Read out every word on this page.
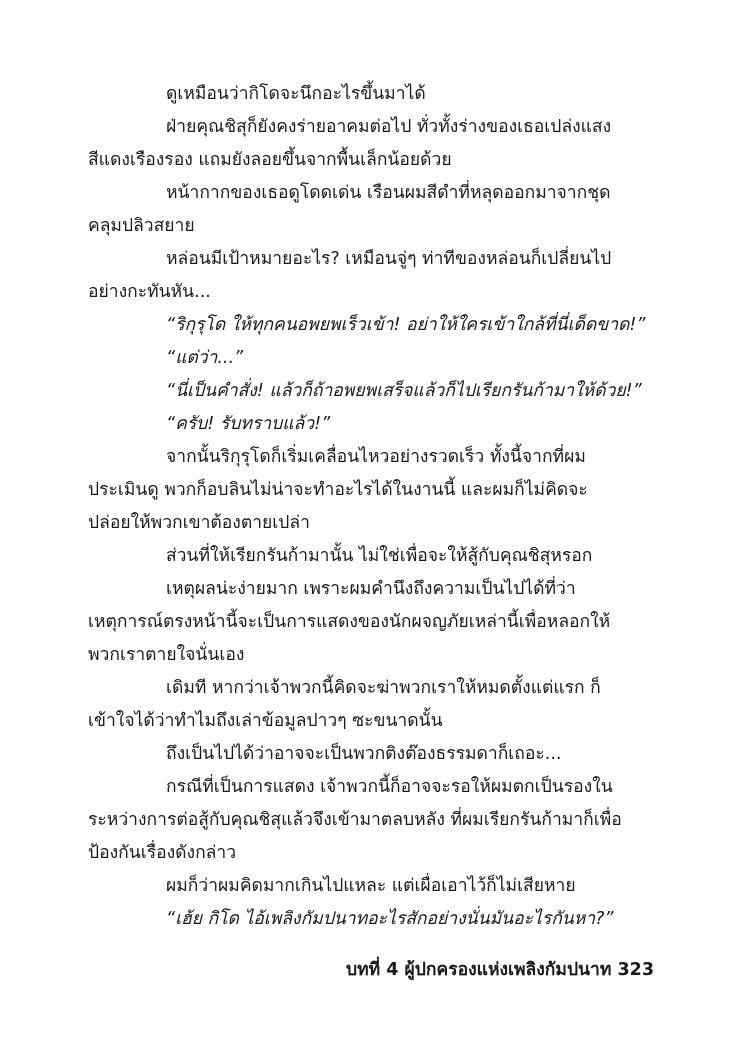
ดูเหมือนว่ากิโดจะนึกอะไรขึ้นมาได้
ฝ่ายคุณชิสุก็ยังคงร่ายอาคมต่อไป ทั่วทั้งร่างของเธอเปล่งแสง
สีแดงเรืองรอง แถมยังลอยขึ้นจากพื้นเล็กน้อยด้วย
หน้ากากของเธอดูโดดเด่น เรือนผมสีดำที่หลุดออกมาจากชุด
คลุมปลิวสยาย
หล่อนมีเป้าหมายอะไร? เหมือนจู่ๆ ท่าทีของหล่อนก็เปลี่ยนไป
อย่างกะทันหัน...
“ริกุรุโด ให้ทุกคนอพยพเร็วเข้า! อย่าให้ใครเข้าใกล้ที่นี่เด็ดขาด!”
“แต่ว่า...”
“นี่เป็นคำสั่ง! แล้วก็ถ้าอพยพเสร็จแล้วก็ไปเรียกรันก้ามาให้ด้วย!”
“ครับ! รับทราบแล้ว!”
จากนั้นริกุรุโดก็เริ่มเคลื่อนไหวอย่างรวดเร็ว ทั้งนี้จากที่ผม
ประเมินดู พวกก็อบลินไม่น่าจะทำอะไรได้ในงานนี้ และผมก็ไม่คิดจะ
ปล่อยให้พวกเขาต้องตายเปล่า
ส่วนที่ให้เรียกรันก้ามานั้น ไม่ใช่เพื่อจะให้สู้กับคุณชิสุหรอก
เหตุผลน่ะง่ายมาก เพราะผมคำนึงถึงความเป็นไปได้ที่ว่า
เหตุการณ์ตรงหน้านี้จะเป็นการแสดงของนักผจญภัยเหล่านี้เพื่อหลอกให้
พวกเราตายใจนั่นเอง
เดิมที หากว่าเจ้าพวกนี้คิดจะฆ่าพวกเราให้หมดตั้งแต่แรก ก็
เข้าใจได้ว่าทำไมถึงเล่าข้อมูลปาวๆ ซะขนาดนั้น
ถึงเป็นไปได้ว่าอาจจะเป็นพวกติงต๊องธรรมดาก็เถอะ...
กรณีที่เป็นการแสดง เจ้าพวกนี้ก็อาจจะรอให้ผมตกเป็นรองใน
ระหว่างการต่อสู้กับคุณชิสุแล้วจึงเข้ามาตลบหลัง ที่ผมเรียกรันก้ามาก็เพื่อ
ป้องกันเรื่องดังกล่าว
ผมก็ว่าผมคิดมากเกินไปแหละ แต่เผื่อเอาไว้ก็ไม่เสียหาย
“เฮ้ย กิโด ไอ้เพลิงกัมปนาทอะไรสักอย่างนั่นมันอะไรกันหา?”
บทที่ 4 ผู้ปกครองแห่งเพลิงกัมปนาท 323
